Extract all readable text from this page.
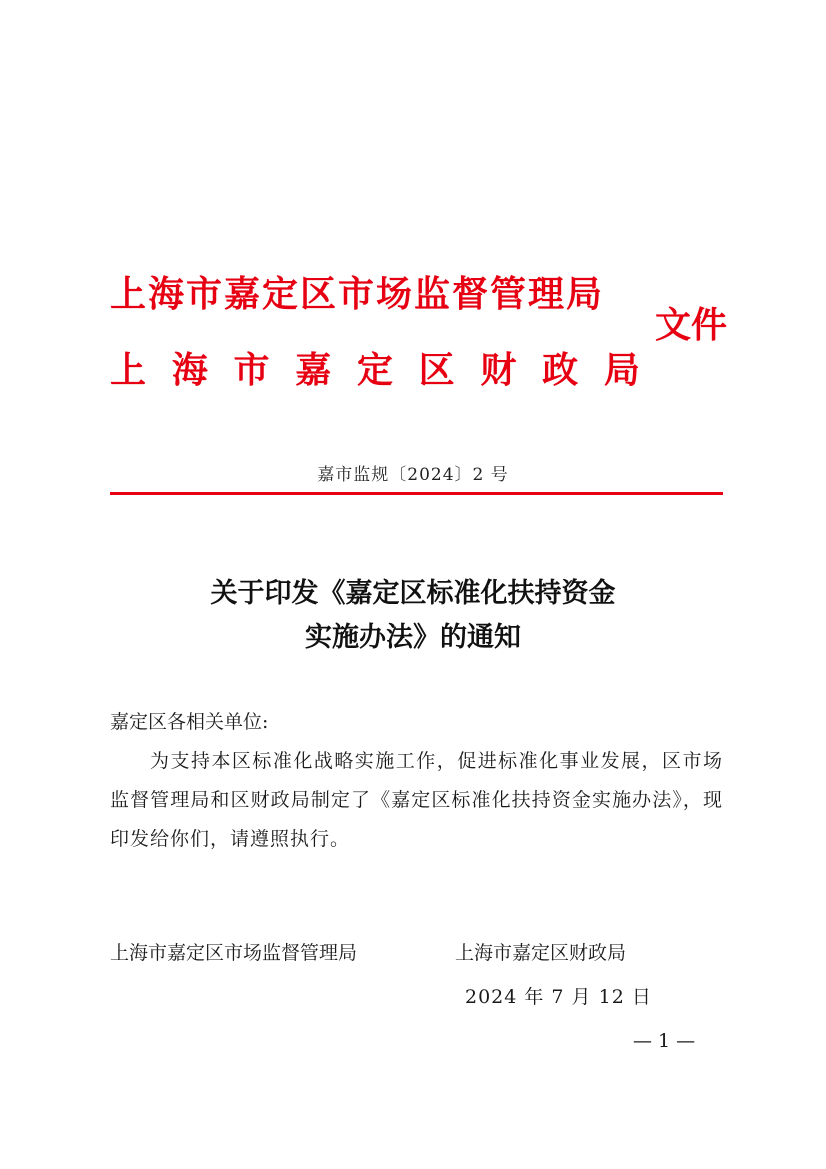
上海市嘉定区市场监督管理局
上 海 市 嘉 定 区 财 政 局
文件
嘉市监规〔2024〕2 号
关于印发《嘉定区标准化扶持资金
实施办法》的通知
嘉定区各相关单位:
为支持本区标准化战略实施工作，促进标准化事业发展，区市场监督管理局和区财政局制定了《嘉定区标准化扶持资金实施办法》，现印发给你们，请遵照执行。
上海市嘉定区市场监督管理局	上海市嘉定区财政局
2024 年 7 月 12 日
— 1 —
